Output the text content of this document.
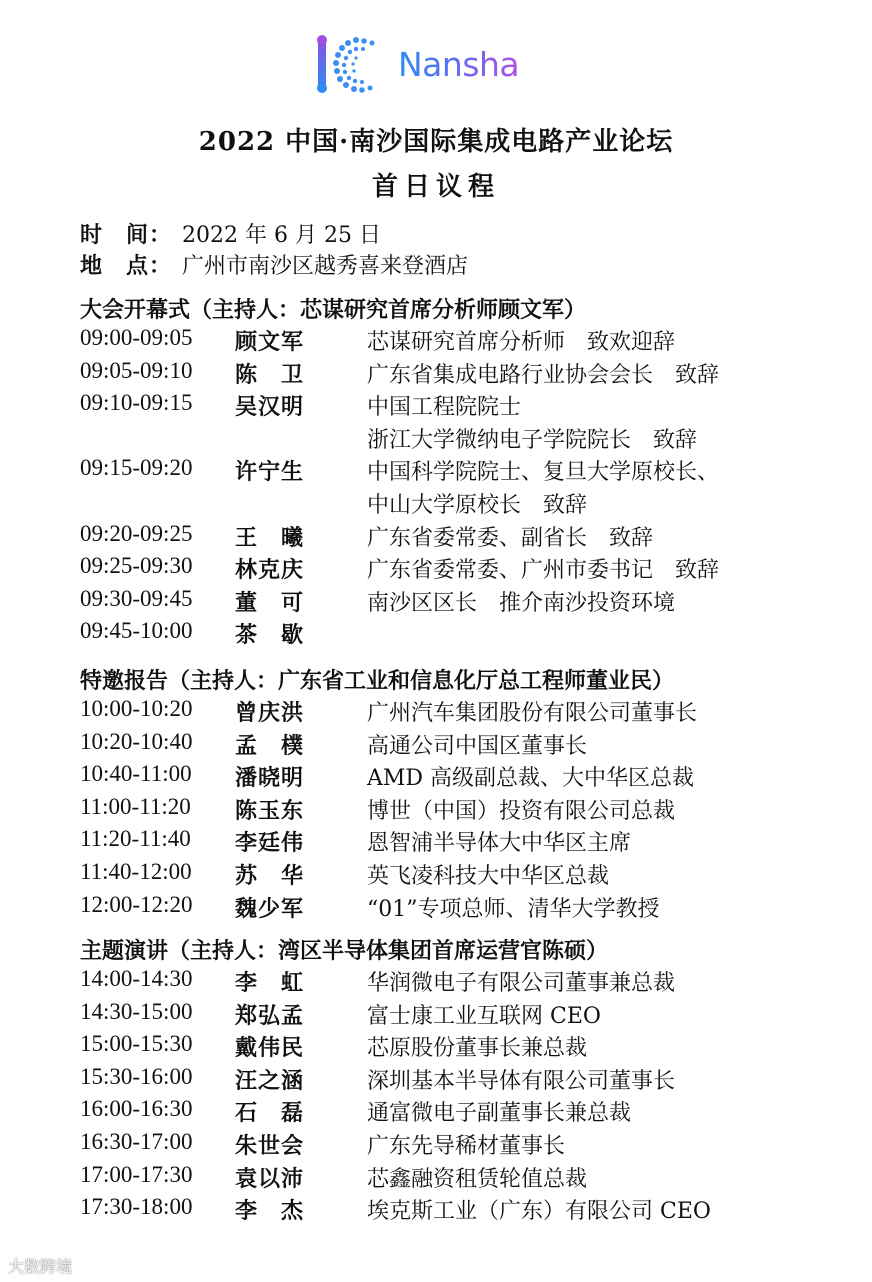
Nansha
2022 中国·南沙国际集成电路产业论坛
首日议程
时　间： 2022 年 6 月 25 日
地　点： 广州市南沙区越秀喜来登酒店
大会开幕式（主持人：芯谋研究首席分析师顾文军）
09:00-09:05 顾文军	芯谋研究首席分析师　致欢迎辞
09:05-09:10 陈　卫	广东省集成电路行业协会会长　致辞
09:10-09:15 吴汉明	中国工程院院士
浙江大学微纳电子学院院长　致辞
09:15-09:20 许宁生	中国科学院院士、复旦大学原校长、
中山大学原校长　致辞
09:20-09:25 王　曦	广东省委常委、副省长　致辞
09:25-09:30 林克庆	广东省委常委、广州市委书记　致辞
09:30-09:45 董　可	南沙区区长　推介南沙投资环境
09:45-10:00 茶　歇
特邀报告（主持人：广东省工业和信息化厅总工程师董业民）
10:00-10:20 曾庆洪	广州汽车集团股份有限公司董事长
10:20-10:40 孟　樸	高通公司中国区董事长
10:40-11:00 潘晓明	AMD 高级副总裁、大中华区总裁
11:00-11:20 陈玉东	博世（中国）投资有限公司总裁
11:20-11:40 李廷伟	恩智浦半导体大中华区主席
11:40-12:00 苏　华	英飞凌科技大中华区总裁
12:00-12:20 魏少军	“01”专项总师、清华大学教授
主题演讲（主持人：湾区半导体集团首席运营官陈硕）
14:00-14:30 李　虹	华润微电子有限公司董事兼总裁
14:30-15:00 郑弘孟	富士康工业互联网 CEO
15:00-15:30 戴伟民	芯原股份董事长兼总裁
15:30-16:00 汪之涵	深圳基本半导体有限公司董事长
16:00-16:30 石　磊	通富微电子副董事长兼总裁
16:30-17:00 朱世会	广东先导稀材董事长
17:00-17:30 袁以沛	芯鑫融资租赁轮值总裁
17:30-18:00 李　杰	埃克斯工业（广东）有限公司 CEO
大数跨境
